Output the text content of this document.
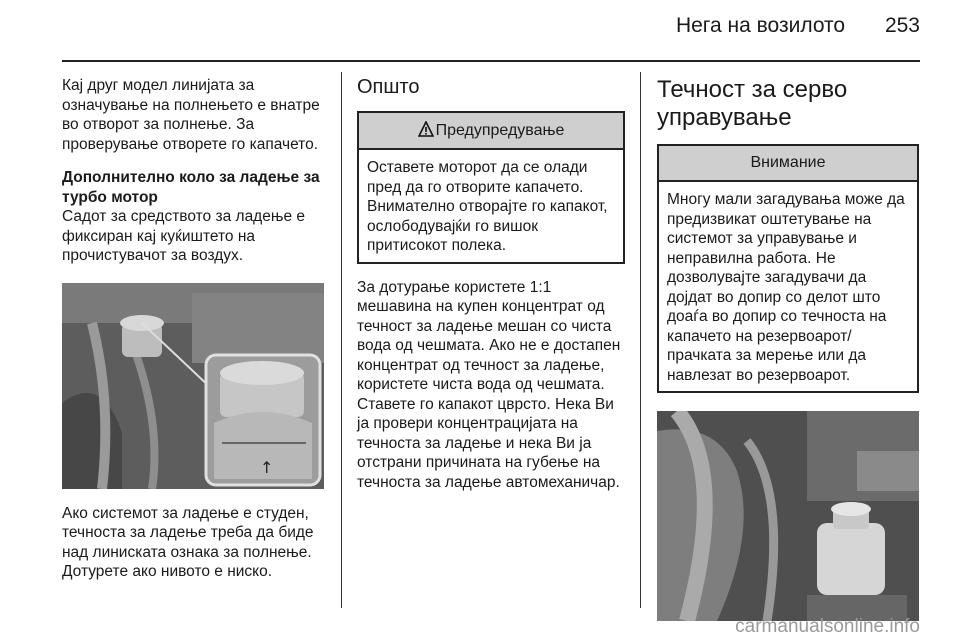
Нега на возилото 253

Кај друг модел линијата за означување на полнењето е внатре во отворот за полнење. За проверување отворете го капачето.

Дополнително коло за ладење за турбо мотор

Садот за средството за ладење е фиксиран кај куќиштето на прочистувачот за воздух.

↑

Ако системот за ладење е студен, течноста за ладење треба да биде над линиската ознака за полнење. Дотурете ако нивото е ниско.

Општо
Предупредување

Оставете моторот да се олади пред да го отворите капачето. Внимателно отворајте го капакот, ослободувајќи го вишок притисокот полека.

За дотурање користете 1:1 мешавина на купен концентрат од течност за ладење мешан со чиста вода од чешмата. Ако не е достапен концентрат од течност за ладење, користете чиста вода од чешмата. Ставете го капакот цврсто. Нека Ви ја провери концентрацијата на течноста за ладење и нека Ви ја отстрани причината на губење на течноста за ладење автомеханичар.

Течност за серво управување
Внимание

Многу мали загадувања може да предизвикат оштетување на системот за управување и неправилна работа. Не дозволувајте загадувачи да дојдат во допир со делот што доаѓа во допир со течноста на капачето на резервоарот/прачката за мерење или да навлезат во резервоарот.

carmanualsonline.info
